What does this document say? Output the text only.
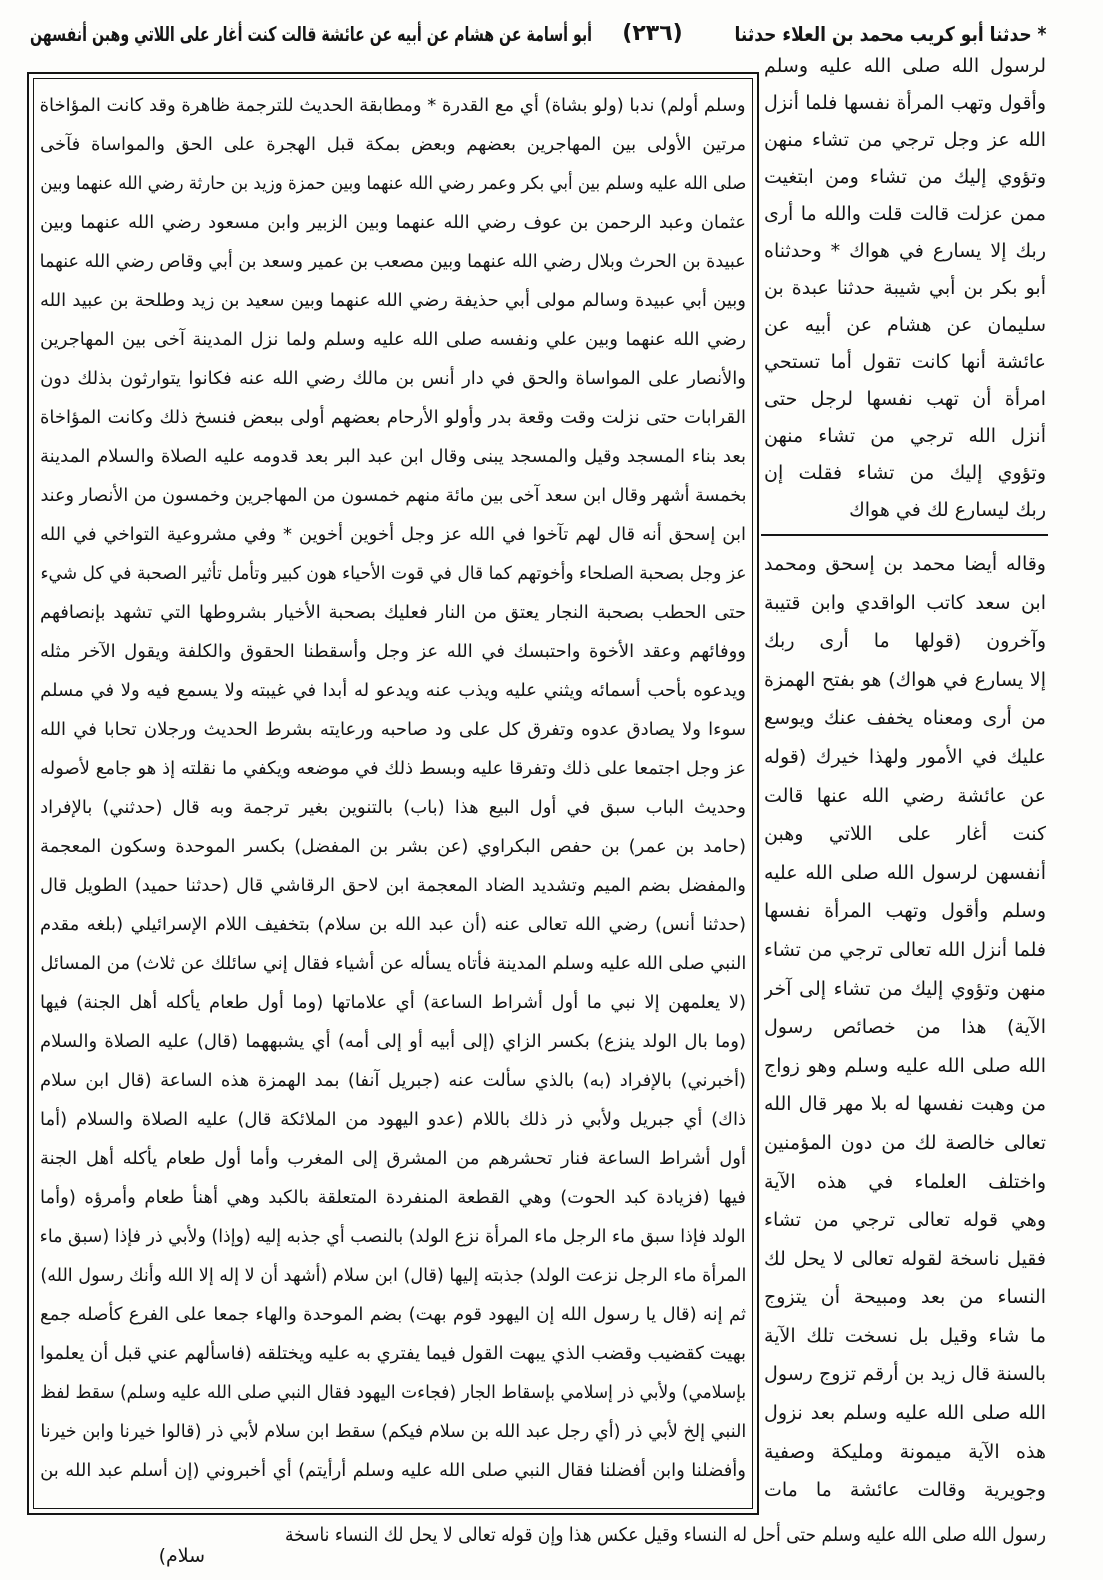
* حدثنا أبو كريب محمد بن العلاء حدثنا
(٢٣٦)
أبو أسامة عن هشام عن أبيه عن عائشة قالت كنت أغار على اللاتي وهبن أنفسهن
لرسول الله صلى الله عليه وسلم
وأقول وتهب المرأة نفسها فلما أنزل
الله عز وجل ترجي من تشاء منهن
وتؤوي إليك من تشاء ومن ابتغيت
ممن عزلت قالت قلت والله ما أرى
ربك إلا يسارع في هواك * وحدثناه
أبو بكر بن أبي شيبة حدثنا عبدة بن
سليمان عن هشام عن أبيه عن
عائشة أنها كانت تقول أما تستحي
امرأة أن تهب نفسها لرجل حتى
أنزل الله ترجي من تشاء منهن
وتؤوي إليك من تشاء فقلت إن
ربك ليسارع لك في هواك
وقاله أيضا محمد بن إسحق ومحمد
ابن سعد كاتب الواقدي وابن قتيبة
وآخرون (قولها ما أرى ربك
إلا يسارع في هواك) هو بفتح الهمزة
من أرى ومعناه يخفف عنك ويوسع
عليك في الأمور ولهذا خيرك (قوله
عن عائشة رضي الله عنها قالت
كنت أغار على اللاتي وهبن
أنفسهن لرسول الله صلى الله عليه
وسلم وأقول وتهب المرأة نفسها
فلما أنزل الله تعالى ترجي من تشاء
منهن وتؤوي إليك من تشاء إلى آخر
الآية) هذا من خصائص رسول
الله صلى الله عليه وسلم وهو زواج
من وهبت نفسها له بلا مهر قال الله
تعالى خالصة لك من دون المؤمنين
واختلف العلماء في هذه الآية
وهي قوله تعالى ترجي من تشاء
فقيل ناسخة لقوله تعالى لا يحل لك
النساء من بعد ومبيحة أن يتزوج
ما شاء وقيل بل نسخت تلك الآية
بالسنة قال زيد بن أرقم تزوج رسول
الله صلى الله عليه وسلم بعد نزول
هذه الآية ميمونة ومليكة وصفية
وجويرية وقالت عائشة ما مات
وسلم أولم) ندبا (ولو بشاة) أي مع القدرة * ومطابقة الحديث للترجمة ظاهرة وقد كانت المؤاخاة
مرتين الأولى بين المهاجرين بعضهم وبعض بمكة قبل الهجرة على الحق والمواساة فآخى
صلى الله عليه وسلم بين أبي بكر وعمر رضي الله عنهما وبين حمزة وزيد بن حارثة رضي الله عنهما وبين
عثمان وعبد الرحمن بن عوف رضي الله عنهما وبين الزبير وابن مسعود رضي الله عنهما وبين
عبيدة بن الحرث وبلال رضي الله عنهما وبين مصعب بن عمير وسعد بن أبي وقاص رضي الله عنهما
وبين أبي عبيدة وسالم مولى أبي حذيفة رضي الله عنهما وبين سعيد بن زيد وطلحة بن عبيد الله
رضي الله عنهما وبين علي ونفسه صلى الله عليه وسلم ولما نزل المدينة آخى بين المهاجرين
والأنصار على المواساة والحق في دار أنس بن مالك رضي الله عنه فكانوا يتوارثون بذلك دون
القرابات حتى نزلت وقت وقعة بدر وأولو الأرحام بعضهم أولى ببعض فنسخ ذلك وكانت المؤاخاة
بعد بناء المسجد وقيل والمسجد يبنى وقال ابن عبد البر بعد قدومه عليه الصلاة والسلام المدينة
بخمسة أشهر وقال ابن سعد آخى بين مائة منهم خمسون من المهاجرين وخمسون من الأنصار وعند
ابن إسحق أنه قال لهم تآخوا في الله عز وجل أخوين أخوين * وفي مشروعية التواخي في الله
عز وجل بصحبة الصلحاء وأخوتهم كما قال في قوت الأحياء هون كبير وتأمل تأثير الصحبة في كل شيء
حتى الحطب بصحبة النجار يعتق من النار فعليك بصحبة الأخيار بشروطها التي تشهد بإنصافهم
ووفائهم وعقد الأخوة واحتبسك في الله عز وجل وأسقطنا الحقوق والكلفة ويقول الآخر مثله
ويدعوه بأحب أسمائه ويثني عليه ويذب عنه ويدعو له أبدا في غيبته ولا يسمع فيه ولا في مسلم
سوءا ولا يصادق عدوه وتفرق كل على ود صاحبه ورعايته بشرط الحديث ورجلان تحابا في الله
عز وجل اجتمعا على ذلك وتفرقا عليه وبسط ذلك في موضعه ويكفي ما نقلته إذ هو جامع لأصوله
وحديث الباب سبق في أول البيع هذا (باب) بالتنوين بغير ترجمة وبه قال (حدثني) بالإفراد
(حامد بن عمر) بن حفص البكراوي (عن بشر بن المفضل) بكسر الموحدة وسكون المعجمة
والمفضل بضم الميم وتشديد الضاد المعجمة ابن لاحق الرقاشي قال (حدثنا حميد) الطويل قال
(حدثنا أنس) رضي الله تعالى عنه (أن عبد الله بن سلام) بتخفيف اللام الإسرائيلي (بلغه مقدم
النبي صلى الله عليه وسلم المدينة فأتاه يسأله عن أشياء فقال إني سائلك عن ثلاث) من المسائل
(لا يعلمهن إلا نبي ما أول أشراط الساعة) أي علاماتها (وما أول طعام يأكله أهل الجنة) فيها
(وما بال الولد ينزع) بكسر الزاي (إلى أبيه أو إلى أمه) أي يشبههما (قال) عليه الصلاة والسلام
(أخبرني) بالإفراد (به) بالذي سألت عنه (جبريل آنفا) بمد الهمزة هذه الساعة (قال ابن سلام
ذاك) أي جبريل ولأبي ذر ذلك باللام (عدو اليهود من الملائكة قال) عليه الصلاة والسلام (أما
أول أشراط الساعة فنار تحشرهم من المشرق إلى المغرب وأما أول طعام يأكله أهل الجنة
فيها (فزيادة كبد الحوت) وهي القطعة المنفردة المتعلقة بالكبد وهي أهنأ طعام وأمرؤه (وأما
الولد فإذا سبق ماء الرجل ماء المرأة نزع الولد) بالنصب أي جذبه إليه (وإذا) ولأبي ذر فإذا (سبق ماء
المرأة ماء الرجل نزعت الولد) جذبته إليها (قال) ابن سلام (أشهد أن لا إله إلا الله وأنك رسول الله)
ثم إنه (قال يا رسول الله إن اليهود قوم بهت) بضم الموحدة والهاء جمعا على الفرع كأصله جمع
بهيت كقضيب وقضب الذي يبهت القول فيما يفتري به عليه ويختلقه (فاسألهم عني قبل أن يعلموا
بإسلامي) ولأبي ذر إسلامي بإسقاط الجار (فجاءت اليهود فقال النبي صلى الله عليه وسلم) سقط لفظ
النبي إلخ لأبي ذر (أي رجل عبد الله بن سلام فيكم) سقط ابن سلام لأبي ذر (قالوا خيرنا وابن خيرنا
وأفضلنا وابن أفضلنا فقال النبي صلى الله عليه وسلم أرأيتم) أي أخبروني (إن أسلم عبد الله بن
رسول الله صلى الله عليه وسلم حتى أحل له النساء وقيل عكس هذا وإن قوله تعالى لا يحل لك النساء ناسخة
سلام)
